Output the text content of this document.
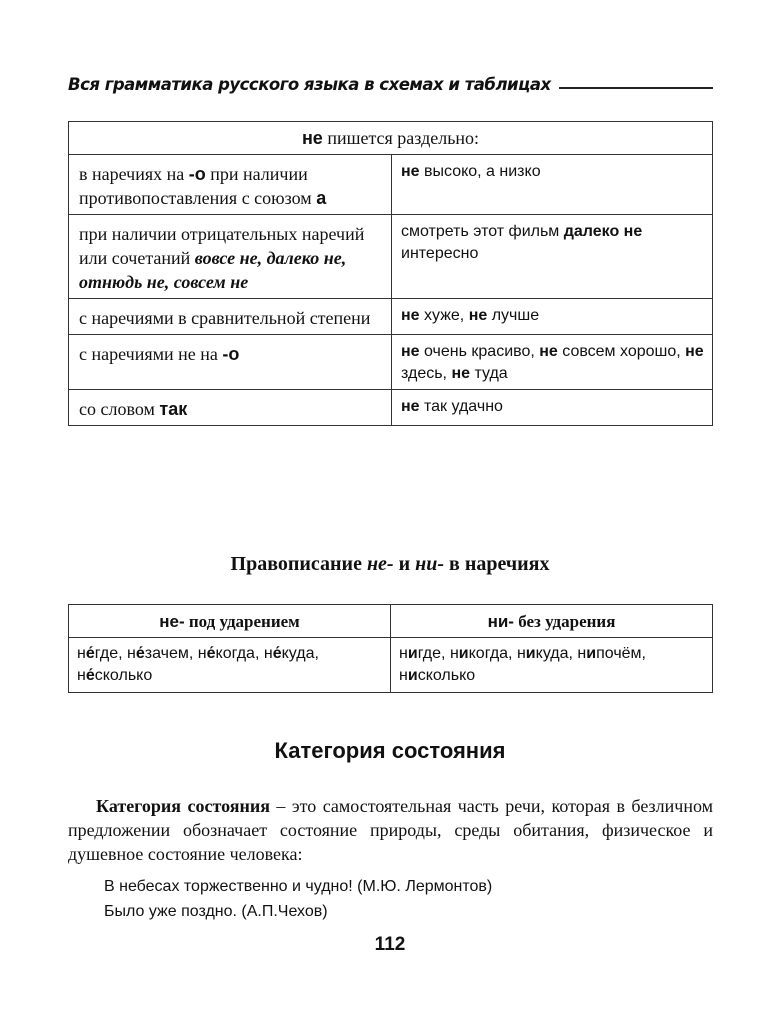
Вся грамматика русского языка в схемах и таблицах
не пишется раздельно:	
в наречиях на -о при наличии противопоставления с союзом а	не высоко, а низко
при наличии отрицательных наречий или сочетаний вовсе не, далеко не, отнюдь не, совсем не	смотреть этот фильм далеко не интересно
с наречиями в сравнительной степени	не хуже, не лучше
с наречиями не на -о	не очень красиво, не совсем хорошо, не здесь, не туда
со словом так	не так удачно
Правописание не- и ни- в наречиях
не- под ударением	ни- без ударения
не́где, не́зачем, не́когда, не́куда, не́сколько	нигде, никогда, никуда, нипочём, нисколько
Категория состояния

Категория состояния – это самостоятельная часть речи, которая в безличном предложении обозначает состояние природы, среды обитания, физическое и душевное состояние человека:

В небесах торжественно и чудно! (М.Ю. Лермонтов)
Было уже поздно. (А.П.Чехов)
112
